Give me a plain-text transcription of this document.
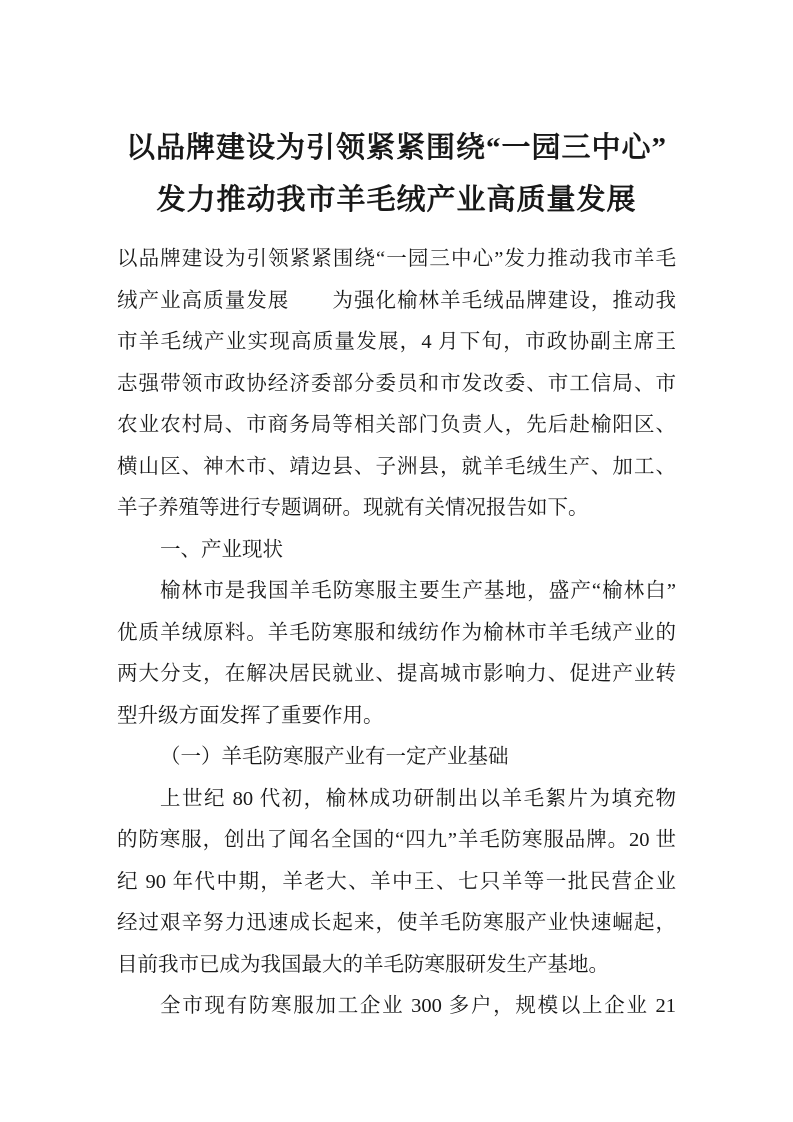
以品牌建设为引领紧紧围绕“一园三中心”
发力推动我市羊毛绒产业高质量发展
以品牌建设为引领紧紧围绕“一园三中心”发力推动我市羊毛
绒产业高质量发展　　为强化榆林羊毛绒品牌建设，推动我
市羊毛绒产业实现高质量发展，4 月下旬，市政协副主席王
志强带领市政协经济委部分委员和市发改委、市工信局、市
农业农村局、市商务局等相关部门负责人，先后赴榆阳区、
横山区、神木市、靖边县、子洲县，就羊毛绒生产、加工、
羊子养殖等进行专题调研。现就有关情况报告如下。
一、产业现状
榆林市是我国羊毛防寒服主要生产基地，盛产“榆林白”
优质羊绒原料。羊毛防寒服和绒纺作为榆林市羊毛绒产业的
两大分支，在解决居民就业、提高城市影响力、促进产业转
型升级方面发挥了重要作用。
（一）羊毛防寒服产业有一定产业基础
上世纪 80 代初，榆林成功研制出以羊毛絮片为填充物
的防寒服，创出了闻名全国的“四九”羊毛防寒服品牌。20 世
纪 90 年代中期，羊老大、羊中王、七只羊等一批民营企业
经过艰辛努力迅速成长起来，使羊毛防寒服产业快速崛起，
目前我市已成为我国最大的羊毛防寒服研发生产基地。
全市现有防寒服加工企业 300 多户，规模以上企业 21
